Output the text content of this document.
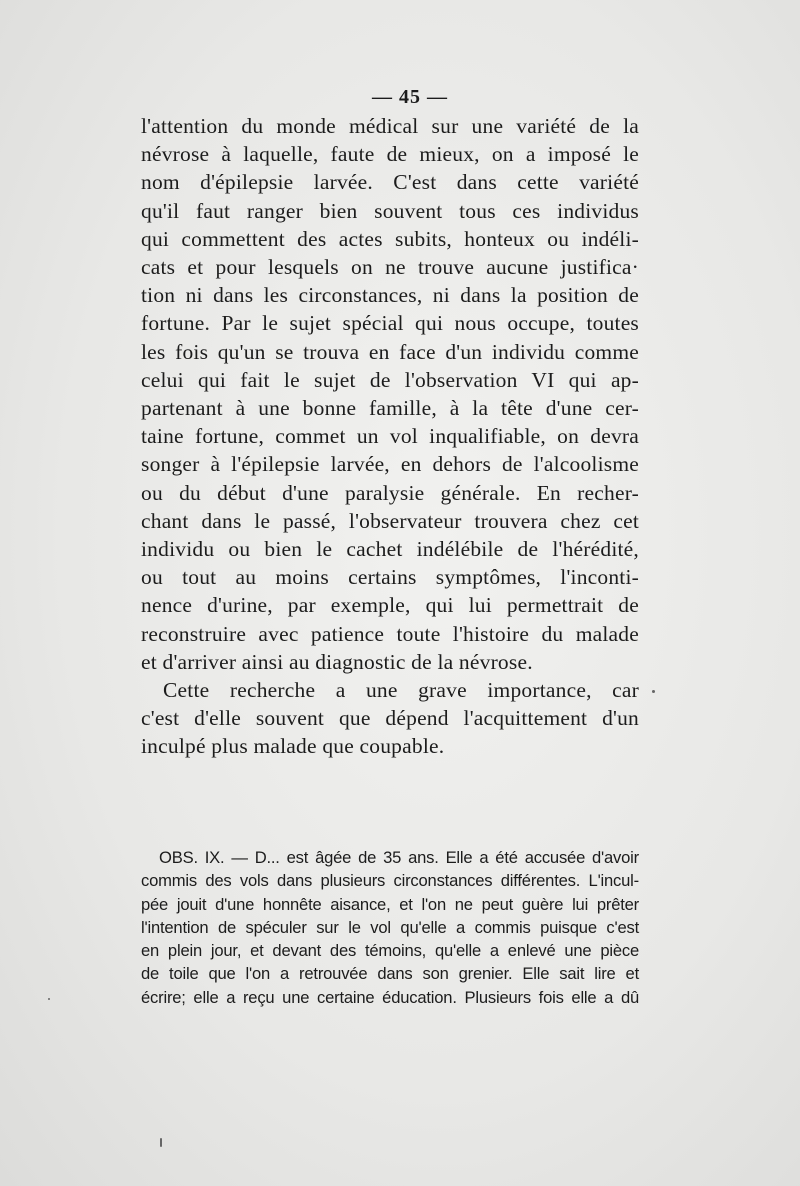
— 45 —
l'attention du monde médical sur une variété de la
névrose à laquelle, faute de mieux, on a imposé le
nom d'épilepsie larvée. C'est dans cette variété
qu'il faut ranger bien souvent tous ces individus
qui commettent des actes subits, honteux ou indéli-
cats et pour lesquels on ne trouve aucune justifica·
tion ni dans les circonstances, ni dans la position de
fortune. Par le sujet spécial qui nous occupe, toutes
les fois qu'un se trouva en face d'un individu comme
celui qui fait le sujet de l'observation VI qui ap-
partenant à une bonne famille, à la tête d'une cer-
taine fortune, commet un vol inqualifiable, on devra
songer à l'épilepsie larvée, en dehors de l'alcoolisme
ou du début d'une paralysie générale. En recher-
chant dans le passé, l'observateur trouvera chez cet
individu ou bien le cachet indélébile de l'hérédité,
ou tout au moins certains symptômes, l'inconti-
nence d'urine, par exemple, qui lui permettrait de
reconstruire avec patience toute l'histoire du malade
et d'arriver ainsi au diagnostic de la névrose.
Cette recherche a une grave importance, car
c'est d'elle souvent que dépend l'acquittement d'un
inculpé plus malade que coupable.
OBS. IX. — D... est âgée de 35 ans. Elle a été accusée d'avoir
commis des vols dans plusieurs circonstances différentes. L'incul-
pée jouit d'une honnête aisance, et l'on ne peut guère lui prêter
l'intention de spéculer sur le vol qu'elle a commis puisque c'est
en plein jour, et devant des témoins, qu'elle a enlevé une pièce
de toile que l'on a retrouvée dans son grenier. Elle sait lire et
écrire; elle a reçu une certaine éducation. Plusieurs fois elle a dû
